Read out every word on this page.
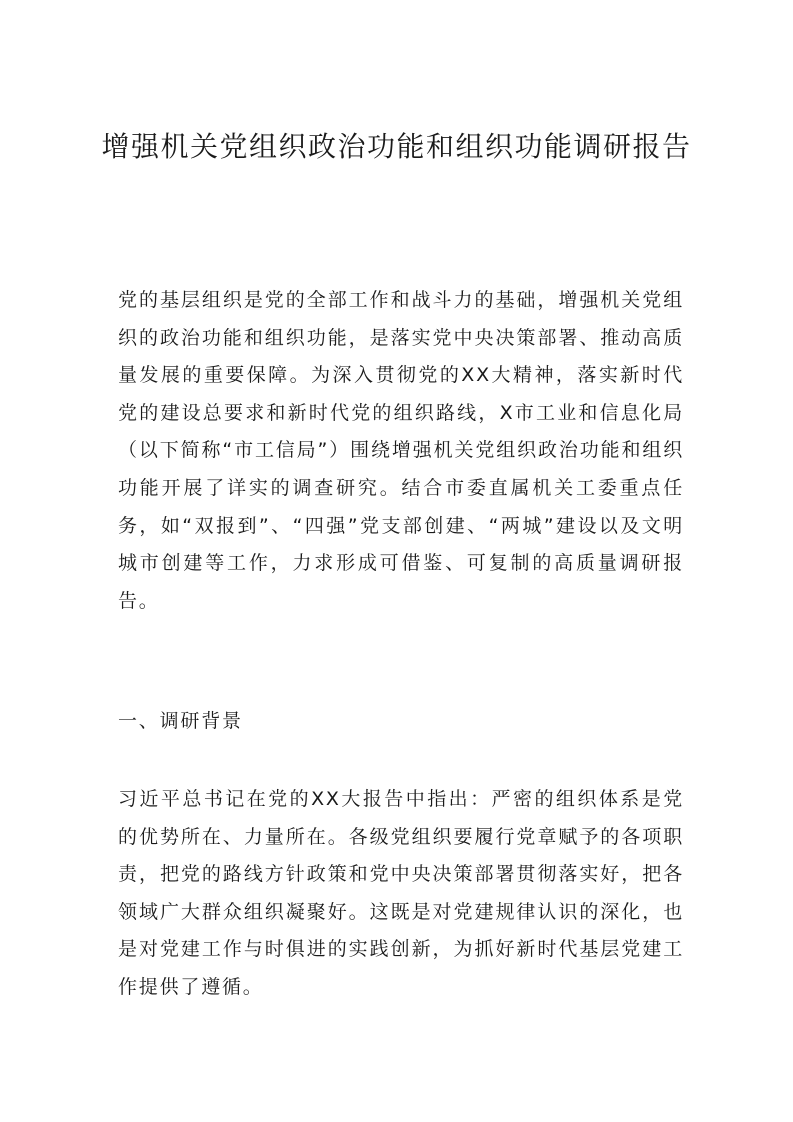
增强机关党组织政治功能和组织功能调研报告

党的基层组织是党的全部工作和战斗力的基础，增强机关党组织的政治功能和组织功能，是落实党中央决策部署、推动高质量发展的重要保障。为深入贯彻党的XX大精神，落实新时代党的建设总要求和新时代党的组织路线，X市工业和信息化局（以下简称“市工信局”）围绕增强机关党组织政治功能和组织功能开展了详实的调查研究。结合市委直属机关工委重点任务，如“双报到”、“四强”党支部创建、“两城”建设以及文明城市创建等工作，力求形成可借鉴、可复制的高质量调研报告。

一、调研背景

习近平总书记在党的XX大报告中指出：严密的组织体系是党的优势所在、力量所在。各级党组织要履行党章赋予的各项职责，把党的路线方针政策和党中央决策部署贯彻落实好，把各领域广大群众组织凝聚好。这既是对党建规律认识的深化，也是对党建工作与时俱进的实践创新，为抓好新时代基层党建工作提供了遵循。
